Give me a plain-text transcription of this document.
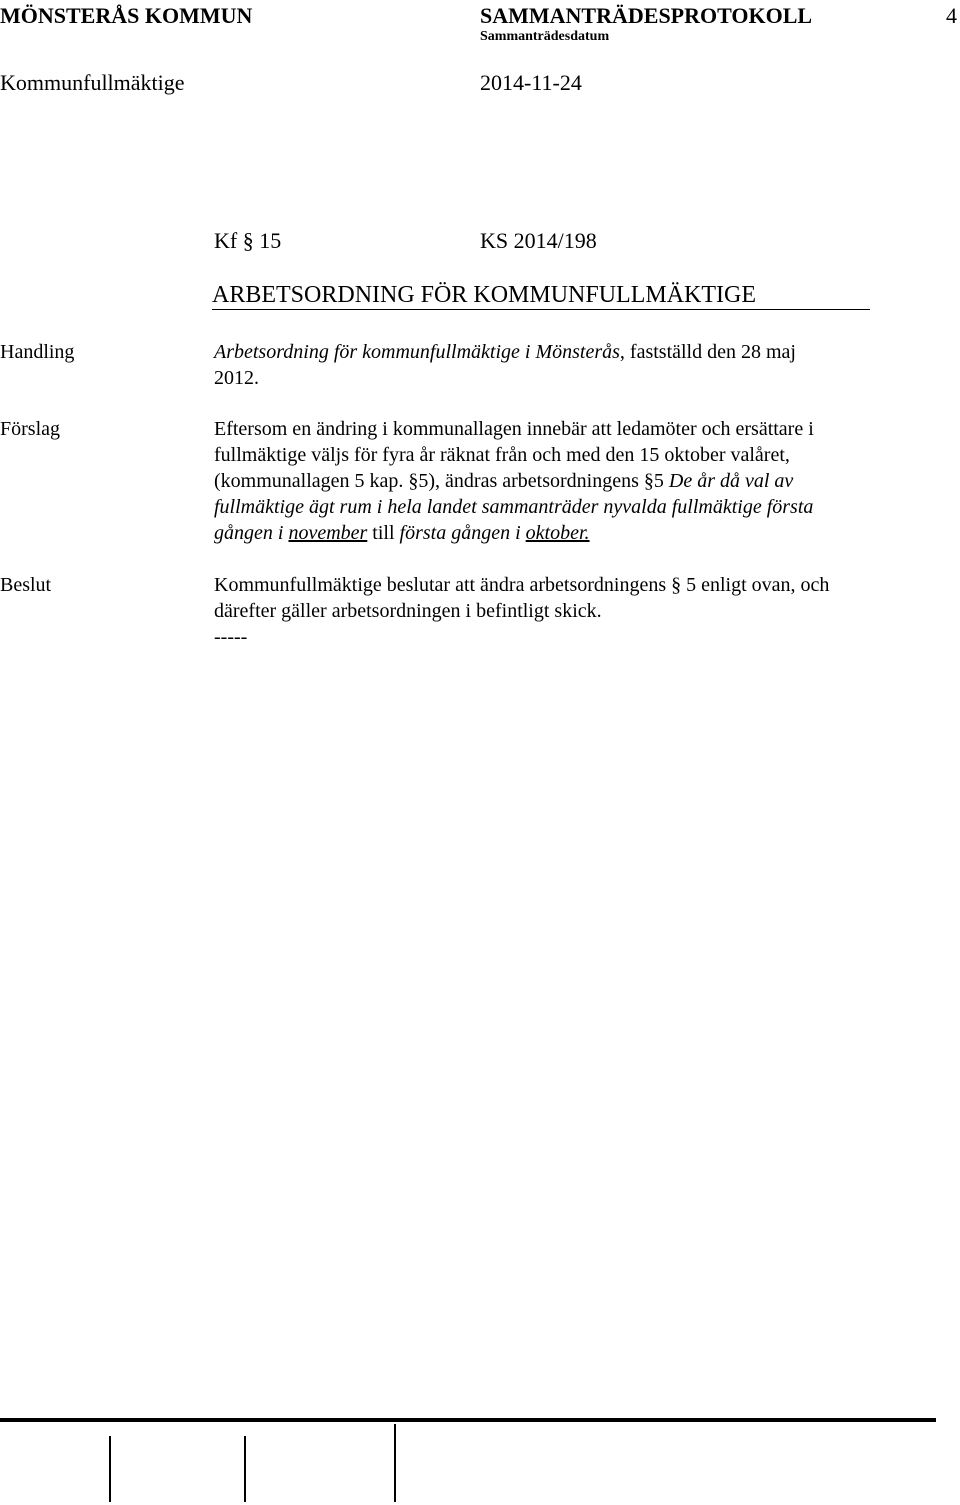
MÖNSTERÅS KOMMUN	SAMMANTRÄDESPROTOKOLL	4
Sammanträdesdatum
Kommunfullmäktige	2014-11-24
Kf § 15	KS 2014/198
ARBETSORDNING FÖR KOMMUNFULLMÄKTIGE
Handling	Arbetsordning för kommunfullmäktige i Mönsterås, fastställd den 28 maj
2012.
Förslag	Eftersom en ändring i kommunallagen innebär att ledamöter och ersättare i
fullmäktige väljs för fyra år räknat från och med den 15 oktober valåret,
(kommunallagen 5 kap. §5), ändras arbetsordningens §5 De år då val av
fullmäktige ägt rum i hela landet sammanträder nyvalda fullmäktige första
gången i november till första gången i oktober.
Beslut	Kommunfullmäktige beslutar att ändra arbetsordningens § 5 enligt ovan, och
därefter gäller arbetsordningen i befintligt skick.
-----
